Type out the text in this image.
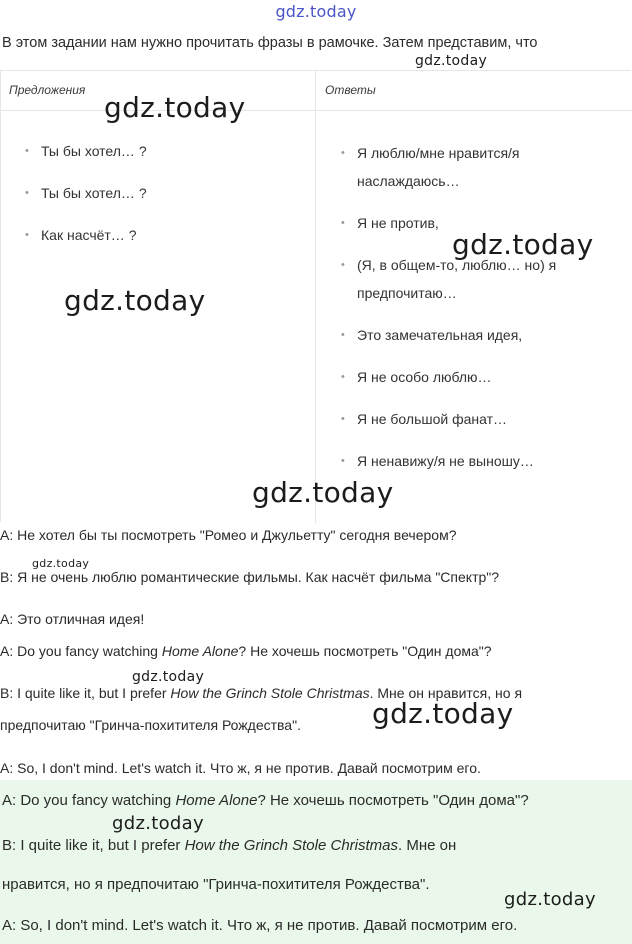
gdz.today
В этом задании нам нужно прочитать фразы в рамочке. Затем представим, что
Предложения	Ответы
• Ты бы хотел… ?
• Ты бы хотел… ?
• Как насчёт… ?
• Я люблю/мне нравится/я наслаждаюсь…
• Я не против,
• (Я, в общем-то, люблю… но) я предпочитаю…
• Это замечательная идея,
• Я не особо люблю…
• Я не большой фанат…
• Я ненавижу/я не выношу…
A: Не хотел бы ты посмотреть "Ромео и Джульетту" сегодня вечером?
B: Я не очень люблю романтические фильмы. Как насчёт фильма "Спектр"?
A: Это отличная идея!
A: Do you fancy watching Home Alone? Не хочешь посмотреть "Один дома"?
B: I quite like it, but I prefer How the Grinch Stole Christmas. Мне он нравится, но я
предпочитаю "Гринча-похитителя Рождества".
A: So, I don't mind. Let's watch it. Что ж, я не против. Давай посмотрим его.
A: Do you fancy watching Home Alone? Не хочешь посмотреть "Один дома"?
B: I quite like it, but I prefer How the Grinch Stole Christmas. Мне он
нравится, но я предпочитаю "Гринча-похитителя Рождества".
A: So, I don't mind. Let's watch it. Что ж, я не против. Давай посмотрим его.
gdz.today
gdz.today
gdz.today
gdz.today
gdz.today
gdz.today
gdz.today
gdz.today
gdz.today
gdz.today
